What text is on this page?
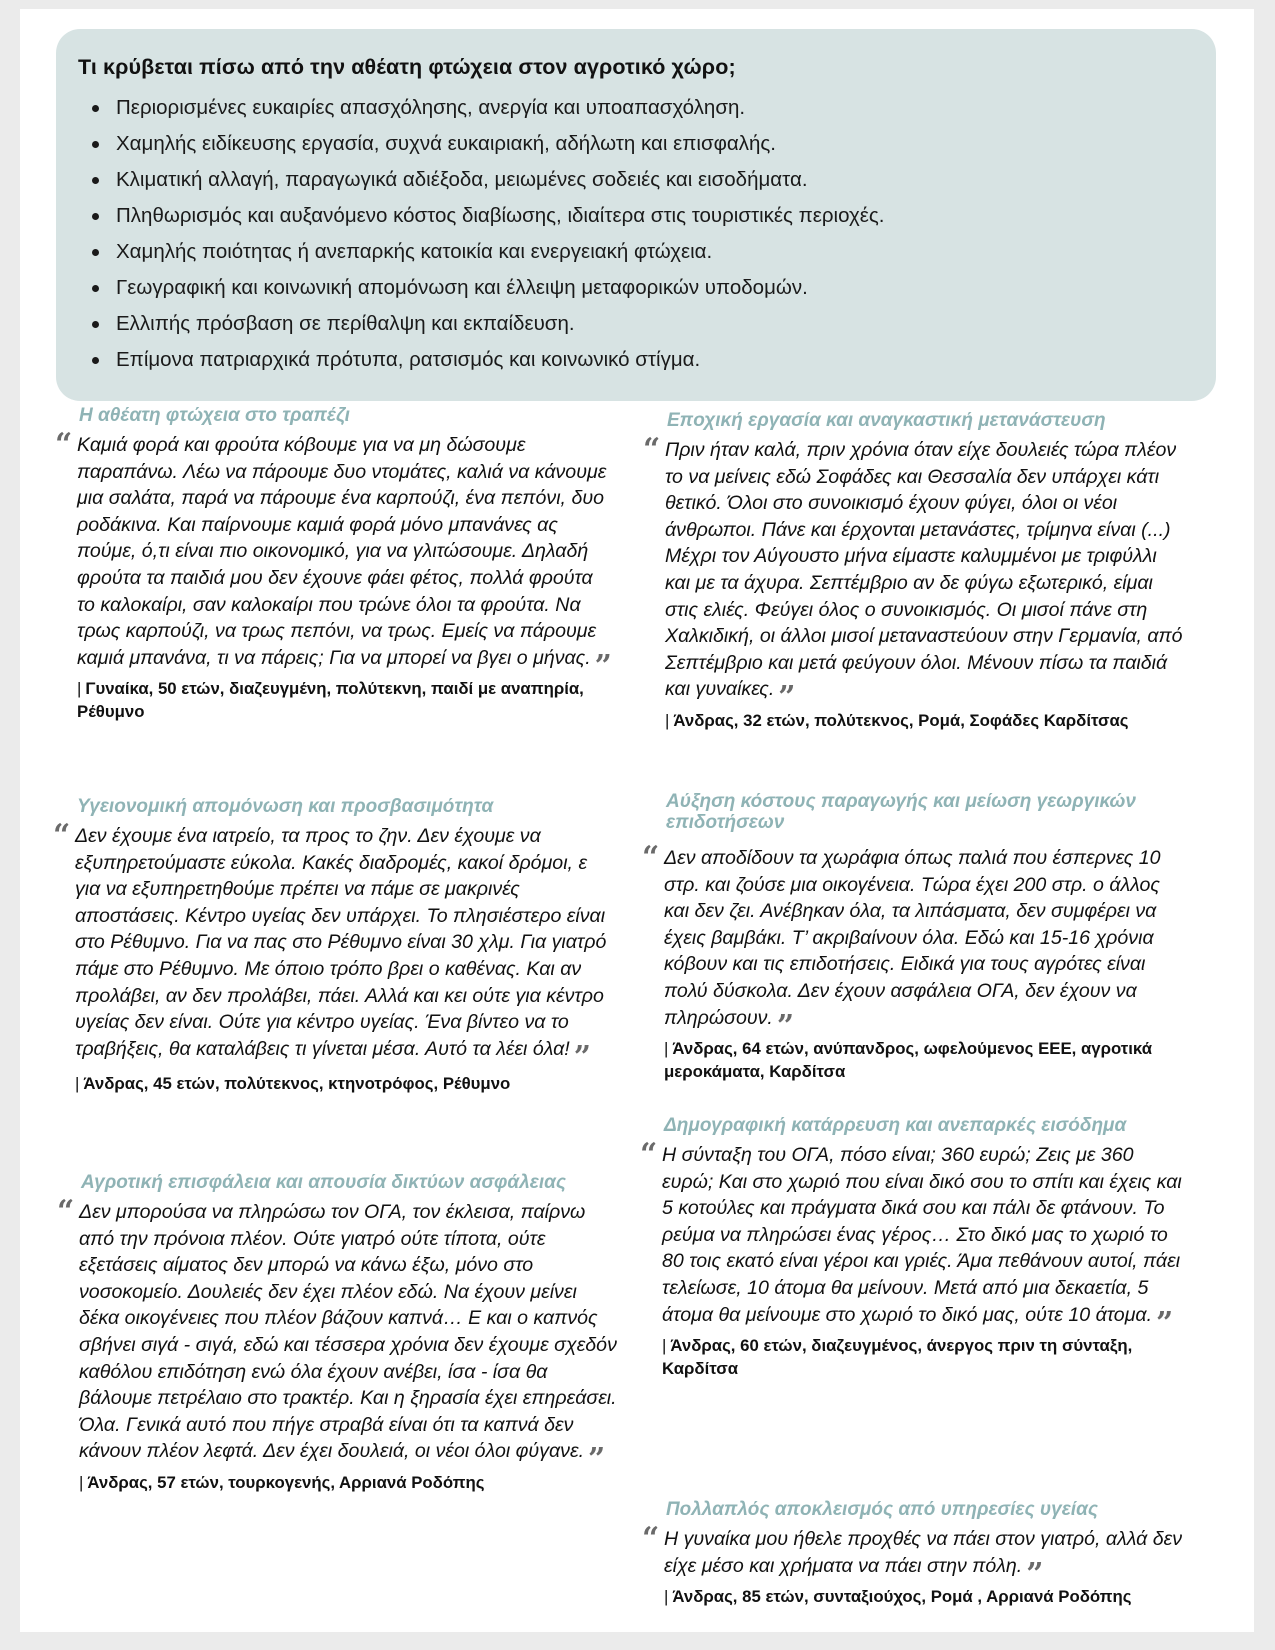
Τι κρύβεται πίσω από την αθέατη φτώχεια στον αγροτικό χώρο;
Περιορισμένες ευκαιρίες απασχόλησης, ανεργία και υποαπασχόληση.
Χαμηλής ειδίκευσης εργασία, συχνά ευκαιριακή, αδήλωτη και επισφαλής.
Κλιματική αλλαγή, παραγωγικά αδιέξοδα, μειωμένες σοδειές και εισοδήματα.
Πληθωρισμός και αυξανόμενο κόστος διαβίωσης, ιδιαίτερα στις τουριστικές περιοχές.
Χαμηλής ποιότητας ή ανεπαρκής κατοικία και ενεργειακή φτώχεια.
Γεωγραφική και κοινωνική απομόνωση και έλλειψη μεταφορικών υποδομών.
Ελλιπής πρόσβαση σε περίθαλψη και εκπαίδευση.
Επίμονα πατριαρχικά πρότυπα, ρατσισμός και κοινωνικό στίγμα.
Η αθέατη φτώχεια στο τραπέζι
“ Καμιά φορά και φρούτα κόβουμε για να μη δώσουμε παραπάνω. Λέω να πάρουμε δυο ντομάτες, καλιά να κάνουμε μια σαλάτα, παρά να πάρουμε ένα καρπούζι, ένα πεπόνι, δυο ροδάκινα. Και παίρνουμε καμιά φορά μόνο μπανάνες ας πούμε, ό,τι είναι πιο οικονομικό, για να γλιτώσουμε. Δηλαδή φρούτα τα παιδιά μου δεν έχουνε φάει φέτος, πολλά φρούτα το καλοκαίρι, σαν καλοκαίρι που τρώνε όλοι τα φρούτα. Να τρως καρπούζι, να τρως πεπόνι, να τρως. Εμείς να πάρουμε καμιά μπανάνα, τι να πάρεις; Για να μπορεί να βγει ο μήνας. ”
| Γυναίκα, 50 ετών, διαζευγμένη, πολύτεκνη, παιδί με αναπηρία, Ρέθυμνο
Υγειονομική απομόνωση και προσβασιμότητα
“ Δεν έχουμε ένα ιατρείο, τα προς το ζην. Δεν έχουμε να εξυπηρετούμαστε εύκολα. Κακές διαδρομές, κακοί δρόμοι, ε για να εξυπηρετηθούμε πρέπει να πάμε σε μακρινές αποστάσεις. Κέντρο υγείας δεν υπάρχει. Το πλησιέστερο είναι στο Ρέθυμνο. Για να πας στο Ρέθυμνο είναι 30 χλμ. Για γιατρό πάμε στο Ρέθυμνο. Με όποιο τρόπο βρει ο καθένας. Και αν προλάβει, αν δεν προλάβει, πάει. Αλλά και κει ούτε για κέντρο υγείας δεν είναι. Ούτε για κέντρο υγείας. Ένα βίντεο να το τραβήξεις, θα καταλάβεις τι γίνεται μέσα. Αυτό τα λέει όλα! ”
| Άνδρας, 45 ετών, πολύτεκνος, κτηνοτρόφος, Ρέθυμνο
Αγροτική επισφάλεια και απουσία δικτύων ασφάλειας
“ Δεν μπορούσα να πληρώσω τον ΟΓΑ, τον έκλεισα, παίρνω από την πρόνοια πλέον. Ούτε γιατρό ούτε τίποτα, ούτε εξετάσεις αίματος δεν μπορώ να κάνω έξω, μόνο στο νοσοκομείο. Δουλειές δεν έχει πλέον εδώ. Να έχουν μείνει δέκα οικογένειες που πλέον βάζουν καπνά… Ε και ο καπνός σβήνει σιγά - σιγά, εδώ και τέσσερα χρόνια δεν έχουμε σχεδόν καθόλου επιδότηση ενώ όλα έχουν ανέβει, ίσα - ίσα θα βάλουμε πετρέλαιο στο τρακτέρ. Και η ξηρασία έχει επηρεάσει. Όλα. Γενικά αυτό που πήγε στραβά είναι ότι τα καπνά δεν κάνουν πλέον λεφτά. Δεν έχει δουλειά, οι νέοι όλοι φύγανε. ”
| Άνδρας, 57 ετών, τουρκογενής, Αρριανά Ροδόπης
Εποχική εργασία και αναγκαστική μετανάστευση
“ Πριν ήταν καλά, πριν χρόνια όταν είχε δουλειές τώρα πλέον το να μείνεις εδώ Σοφάδες και Θεσσαλία δεν υπάρχει κάτι θετικό. Όλοι στο συνοικισμό έχουν φύγει, όλοι οι νέοι άνθρωποι. Πάνε και έρχονται μετανάστες, τρίμηνα είναι (...) Μέχρι τον Αύγουστο μήνα είμαστε καλυμμένοι με τριφύλλι και με τα άχυρα. Σεπτέμβριο αν δε φύγω εξωτερικό, είμαι στις ελιές. Φεύγει όλος ο συνοικισμός. Οι μισοί πάνε στη Χαλκιδική, οι άλλοι μισοί μεταναστεύουν στην Γερμανία, από Σεπτέμβριο και μετά φεύγουν όλοι. Μένουν πίσω τα παιδιά και γυναίκες. ”
| Άνδρας, 32 ετών, πολύτεκνος, Ρομά, Σοφάδες Καρδίτσας
Αύξηση κόστους παραγωγής και μείωση γεωργικών επιδοτήσεων
“ Δεν αποδίδουν τα χωράφια όπως παλιά που έσπερνες 10 στρ. και ζούσε μια οικογένεια. Τώρα έχει 200 στρ. ο άλλος και δεν ζει. Ανέβηκαν όλα, τα λιπάσματα, δεν συμφέρει να έχεις βαμβάκι. Τ’ ακριβαίνουν όλα. Εδώ και 15-16 χρόνια κόβουν και τις επιδοτήσεις. Ειδικά για τους αγρότες είναι πολύ δύσκολα. Δεν έχουν ασφάλεια ΟΓΑ, δεν έχουν να πληρώσουν. ”
| Άνδρας, 64 ετών, ανύπανδρος, ωφελούμενος ΕΕΕ, αγροτικά μεροκάματα, Καρδίτσα
Δημογραφική κατάρρευση και ανεπαρκές εισόδημα
“ Η σύνταξη του ΟΓΑ, πόσο είναι; 360 ευρώ; Ζεις με 360 ευρώ; Και στο χωριό που είναι δικό σου το σπίτι και έχεις και 5 κοτούλες και πράγματα δικά σου και πάλι δε φτάνουν. Το ρεύμα να πληρώσει ένας γέρος… Στο δικό μας το χωριό το 80 τοις εκατό είναι γέροι και γριές. Άμα πεθάνουν αυτοί, πάει τελείωσε, 10 άτομα θα μείνουν. Μετά από μια δεκαετία, 5 άτομα θα μείνουμε στο χωριό το δικό μας, ούτε 10 άτομα. ”
| Άνδρας, 60 ετών, διαζευγμένος, άνεργος πριν τη σύνταξη, Καρδίτσα
Πολλαπλός αποκλεισμός από υπηρεσίες υγείας
“ Η γυναίκα μου ήθελε προχθές να πάει στον γιατρό, αλλά δεν είχε μέσο και χρήματα να πάει στην πόλη. ”
| Άνδρας, 85 ετών, συνταξιούχος, Ρομά , Αρριανά Ροδόπης
